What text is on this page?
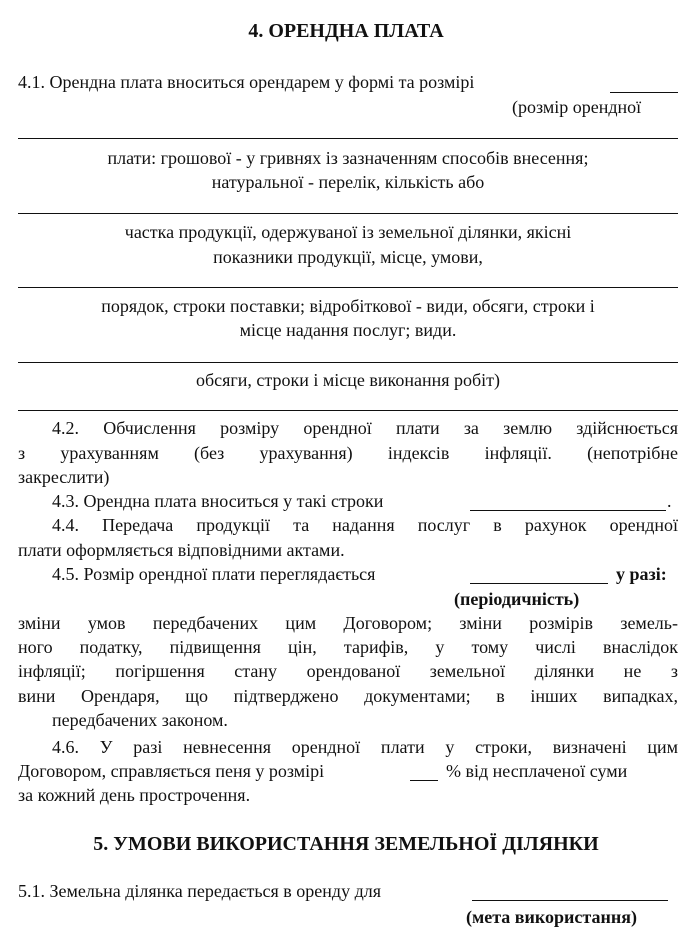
4. ОРЕНДНА ПЛАТА
4.1. Орендна плата вноситься орендарем у формі та розмірі
(розмір орендної
плати: грошової - у гривнях із зазначенням способів внесення;
натуральної - перелік, кількість або
частка продукції, одержуваної із земельної ділянки, якісні
показники продукції, місце, умови,
порядок, строки поставки; відробіткової - види, обсяги, строки і
місце надання послуг; види.
обсяги, строки і місце виконання робіт)
4.2. Обчислення розміру орендної плати за землю здійснюється
з урахуванням (без урахування) індексів інфляції. (непотрібне
закреслити)
4.3. Орендна плата вноситься у такі строки	.
4.4. Передача продукції та надання послуг в рахунок орендної
плати оформляється відповідними актами.
4.5. Розмір орендної плати переглядається	у разі:
(періодичність)
зміни умов передбачених цим Договором; зміни розмірів земель-
ного податку, підвищення цін, тарифів, у тому числі внаслідок
інфляції; погіршення стану орендованої земельної ділянки не з
вини Орендаря, що підтверджено документами; в інших випадках,
передбачених законом.
4.6. У разі невнесення орендної плати у строки, визначені цим
Договором, справляється пеня у розмірі	% від несплаченої суми
за кожний день прострочення.
5. УМОВИ ВИКОРИСТАННЯ ЗЕМЕЛЬНОЇ ДІЛЯНКИ
5.1. Земельна ділянка передається в оренду для
(мета використання)
